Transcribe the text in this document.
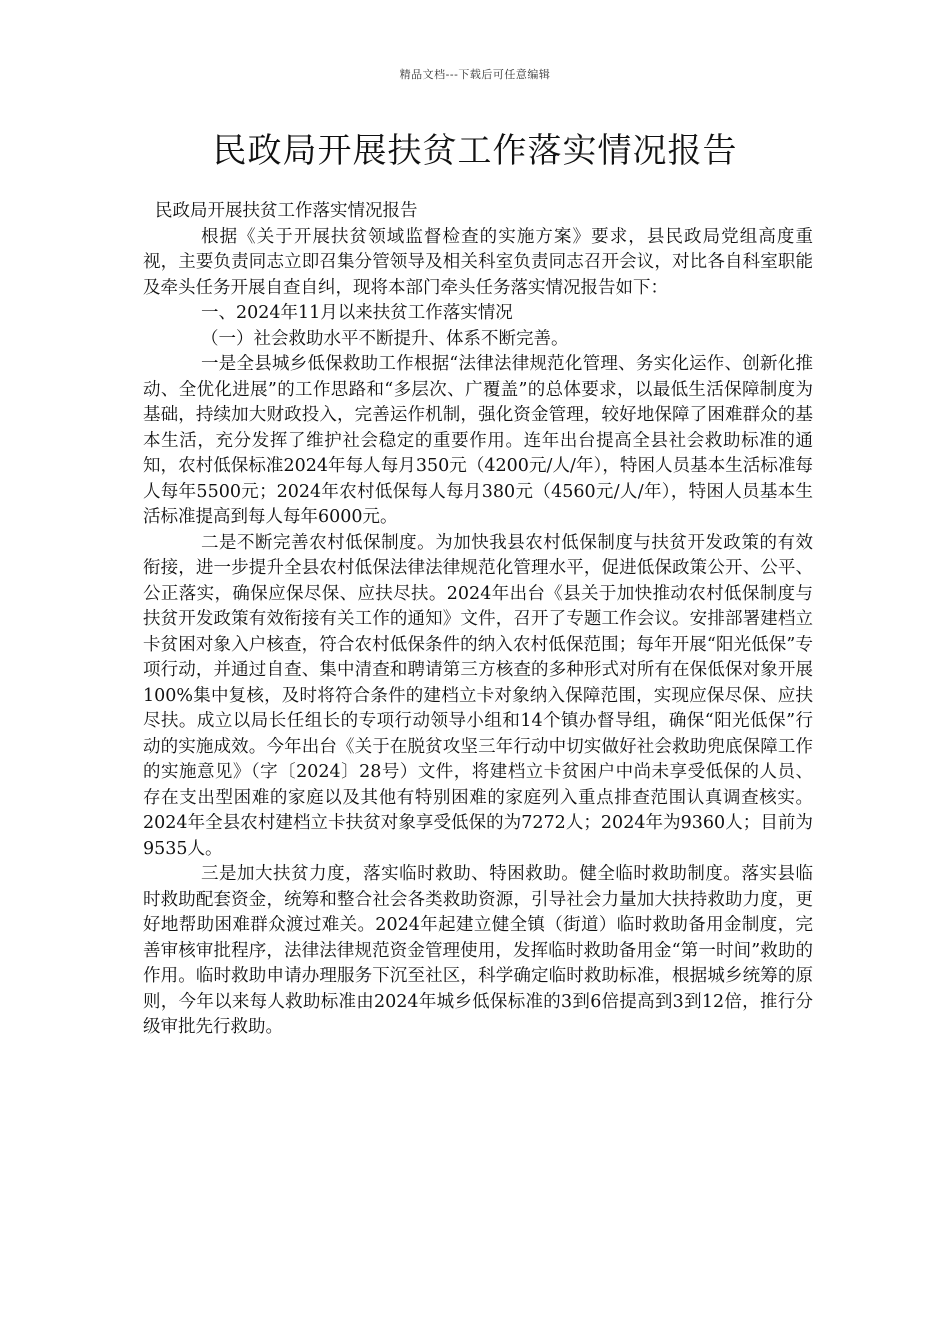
精品文档---下载后可任意编辑
民政局开展扶贫工作落实情况报告

民政局开展扶贫工作落实情况报告

根据《关于开展扶贫领域监督检查的实施方案》要求，县民政局党组高度重视，主要负责同志立即召集分管领导及相关科室负责同志召开会议，对比各自科室职能及牵头任务开展自查自纠，现将本部门牵头任务落实情况报告如下：

一、2024年11月以来扶贫工作落实情况

（一）社会救助水平不断提升、体系不断完善。

一是全县城乡低保救助工作根据“法律法律规范化管理、务实化运作、创新化推动、全优化进展”的工作思路和“多层次、广覆盖”的总体要求，以最低生活保障制度为基础，持续加大财政投入，完善运作机制，强化资金管理，较好地保障了困难群众的基本生活，充分发挥了维护社会稳定的重要作用。连年出台提高全县社会救助标准的通知，农村低保标准2024年每人每月350元（4200元/人/年），特困人员基本生活标准每人每年5500元；2024年农村低保每人每月380元（4560元/人/年），特困人员基本生活标准提高到每人每年6000元。

二是不断完善农村低保制度。为加快我县农村低保制度与扶贫开发政策的有效衔接，进一步提升全县农村低保法律法律规范化管理水平，促进低保政策公开、公平、公正落实，确保应保尽保、应扶尽扶。2024年出台《县关于加快推动农村低保制度与扶贫开发政策有效衔接有关工作的通知》文件，召开了专题工作会议。安排部署建档立卡贫困对象入户核查，符合农村低保条件的纳入农村低保范围；每年开展“阳光低保”专项行动，并通过自查、集中清查和聘请第三方核查的多种形式对所有在保低保对象开展100%集中复核，及时将符合条件的建档立卡对象纳入保障范围，实现应保尽保、应扶尽扶。成立以局长任组长的专项行动领导小组和14个镇办督导组，确保“阳光低保”行动的实施成效。今年出台《关于在脱贫攻坚三年行动中切实做好社会救助兜底保障工作的实施意见》（字〔2024〕28号）文件，将建档立卡贫困户中尚未享受低保的人员、存在支出型困难的家庭以及其他有特别困难的家庭列入重点排查范围认真调查核实。2024年全县农村建档立卡扶贫对象享受低保的为7272人；2024年为9360人；目前为9535人。

三是加大扶贫力度，落实临时救助、特困救助。健全临时救助制度。落实县临时救助配套资金，统筹和整合社会各类救助资源，引导社会力量加大扶持救助力度，更好地帮助困难群众渡过难关。2024年起建立健全镇（街道）临时救助备用金制度，完善审核审批程序，法律法律规范资金管理使用，发挥临时救助备用金“第一时间”救助的作用。临时救助申请办理服务下沉至社区，科学确定临时救助标准，根据城乡统筹的原则，今年以来每人救助标准由2024年城乡低保标准的3到6倍提高到3到12倍，推行分级审批先行救助。
